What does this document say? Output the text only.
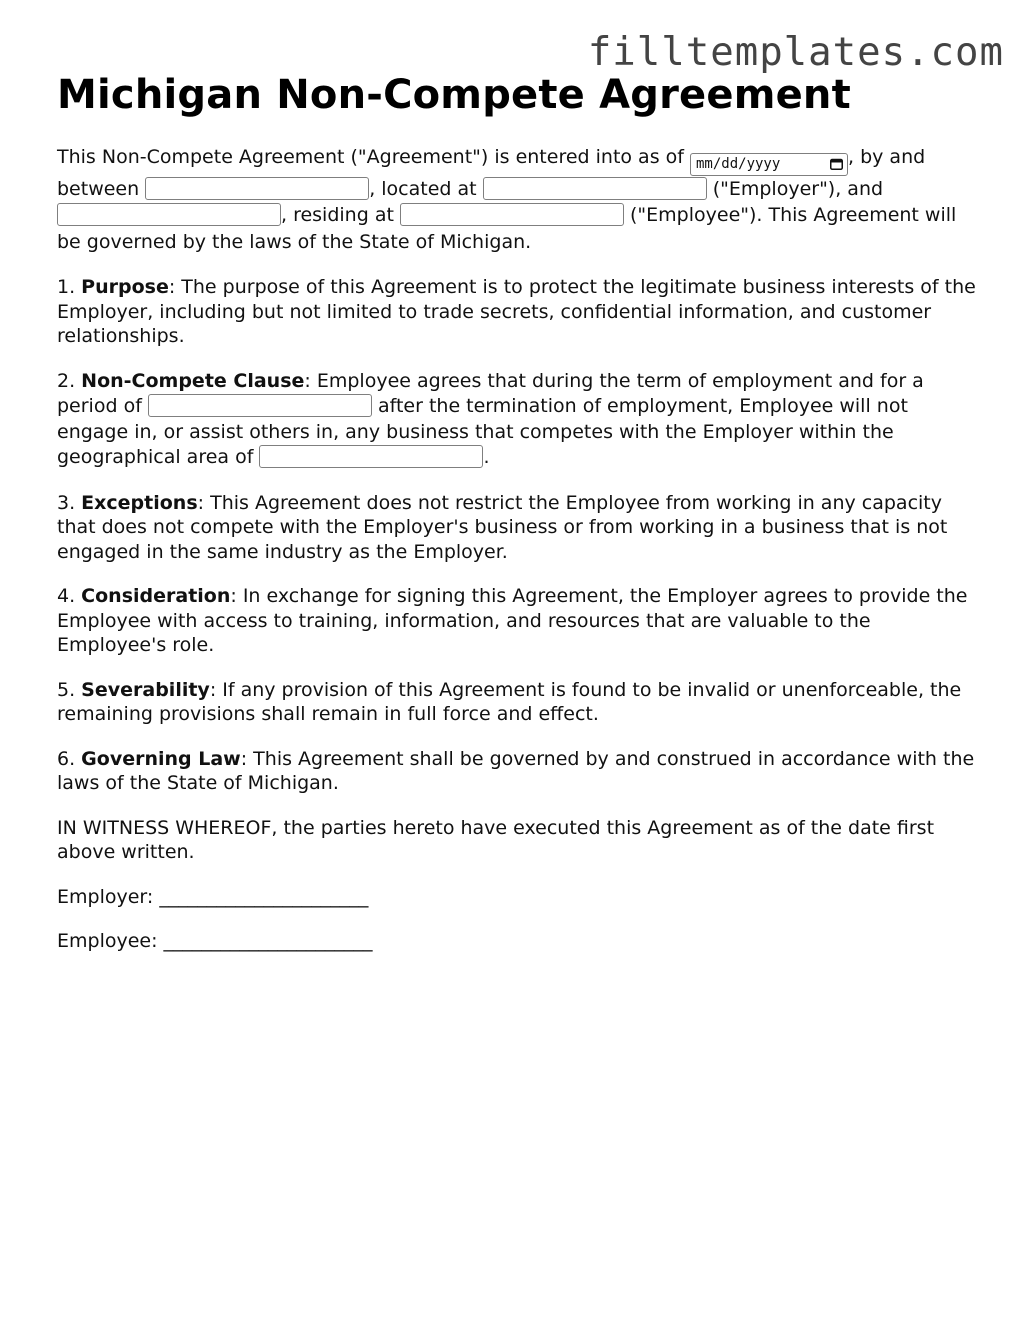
filltemplates.com
Michigan Non-Compete Agreement

This Non-Compete Agreement ("Agreement") is entered into as of mm/dd/yyyy	, by and between	, located at	("Employer"), and , residing at	("Employee"). This Agreement will be governed by the laws of the State of Michigan.

1. Purpose: The purpose of this Agreement is to protect the legitimate business interests of the Employer, including but not limited to trade secrets, confidential information, and customer relationships.

2. Non-Compete Clause: Employee agrees that during the term of employment and for a period of	after the termination of employment, Employee will not engage in, or assist others in, any business that competes with the Employer within the geographical area of	.

3. Exceptions: This Agreement does not restrict the Employee from working in any capacity that does not compete with the Employer's business or from working in a business that is not engaged in the same industry as the Employer.

4. Consideration: In exchange for signing this Agreement, the Employer agrees to provide the Employee with access to training, information, and resources that are valuable to the Employee's role.

5. Severability: If any provision of this Agreement is found to be invalid or unenforceable, the remaining provisions shall remain in full force and effect.

6. Governing Law: This Agreement shall be governed by and construed in accordance with the laws of the State of Michigan.

IN WITNESS WHEREOF, the parties hereto have executed this Agreement as of the date first above written.

Employer: ______________________

Employee: ______________________
